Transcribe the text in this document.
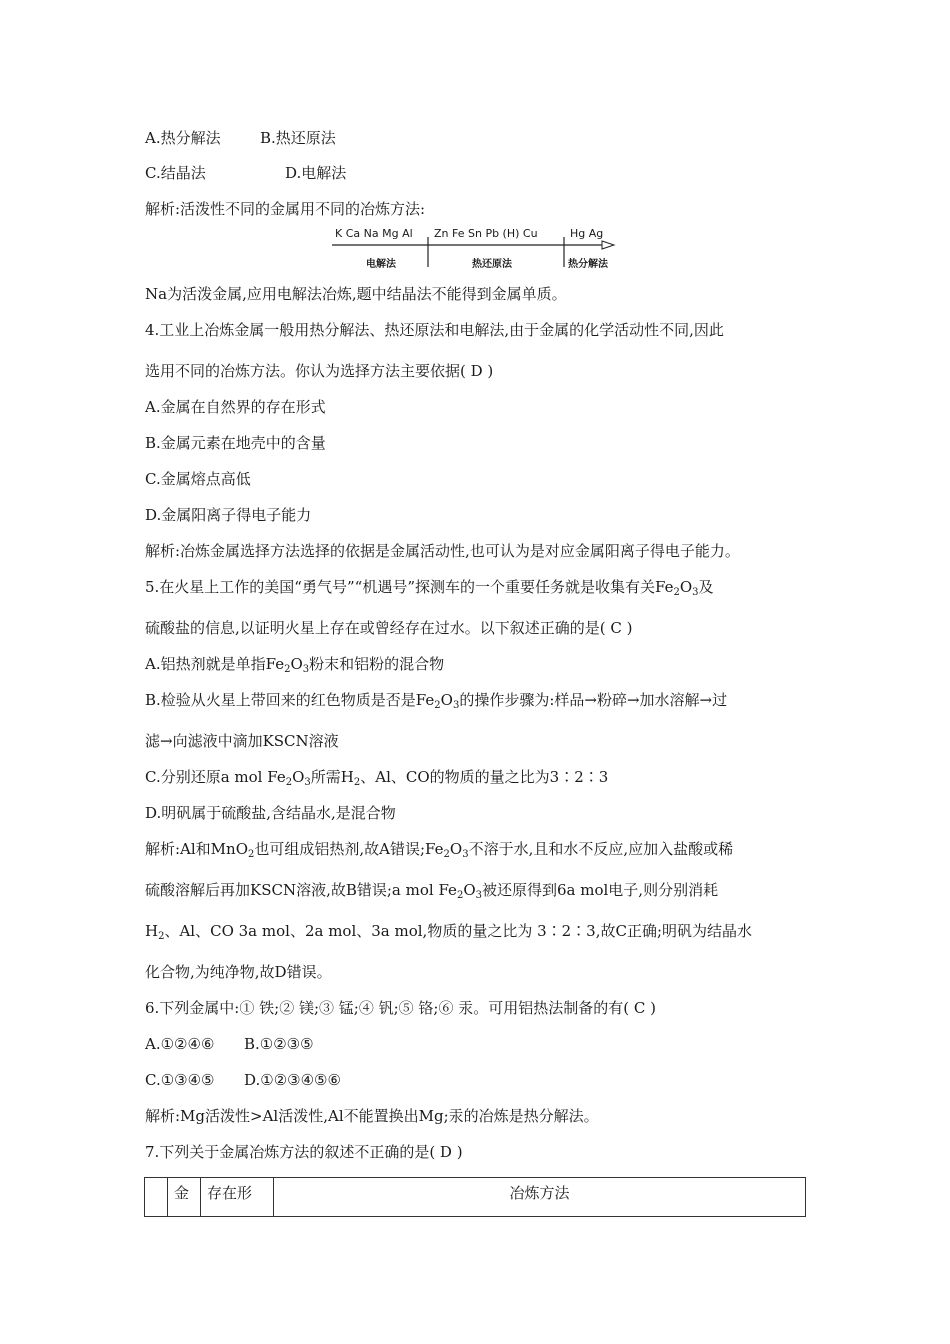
A.热分解法	B.热还原法
C.结晶法	D.电解法
解析:活泼性不同的金属用不同的冶炼方法:
K Ca Na Mg Al Zn Fe Sn Pb (H) Cu	Hg Ag
电解法	热还原法	热分解法
Na为活泼金属,应用电解法冶炼,题中结晶法不能得到金属单质。
4.工业上冶炼金属一般用热分解法、热还原法和电解法,由于金属的化学活动性不同,因此
选用不同的冶炼方法。你认为选择方法主要依据( D )
A.金属在自然界的存在形式
B.金属元素在地壳中的含量
C.金属熔点高低
D.金属阳离子得电子能力
解析:冶炼金属选择方法选择的依据是金属活动性,也可认为是对应金属阳离子得电子能力。
5.在火星上工作的美国“勇气号”“机遇号”探测车的一个重要任务就是收集有关$Fe_2O_3$及
硫酸盐的信息,以证明火星上存在或曾经存在过水。以下叙述正确的是( C )
A.铝热剂就是单指$Fe_2O_3$粉末和铝粉的混合物
B.检验从火星上带回来的红色物质是否是$Fe_2O_3$的操作步骤为:样品→粉碎→加水溶解→过
滤→向滤液中滴加KSCN溶液
C.分别还原a mol $Fe_2O_3$所需$H_2$、Al、CO的物质的量之比为3∶2∶3
D.明矾属于硫酸盐,含结晶水,是混合物
解析:Al和MnO$_2$也可组成铝热剂,故A错误$;Fe_2O_3$不溶于水,且和水不反应,应加入盐酸或稀
硫酸溶解后再加KSCN溶液,故B错误;a mol $Fe_2O_3$被还原得到6a mol电子,则分别消耗
$H_2$、Al、CO 3a mol、2a mol、3a mol,物质的量之比为 3∶2∶3,故C正确;明矾为结晶水
化合物,为纯净物,故D错误。
6.下列金属中:① 铁;② 镁;③ 锰;④ 钒;⑤ 铬;⑥ 汞。可用铝热法制备的有( C )
A.①②④⑥ B.①②③⑤
C.①③④⑤ D.①②③④⑤⑥
解析:Mg活泼性>Al活泼性,Al不能置换出Mg;汞的冶炼是热分解法。
7.下列关于金属冶炼方法的叙述不正确的是( D )
	金	存在形	冶炼方法
